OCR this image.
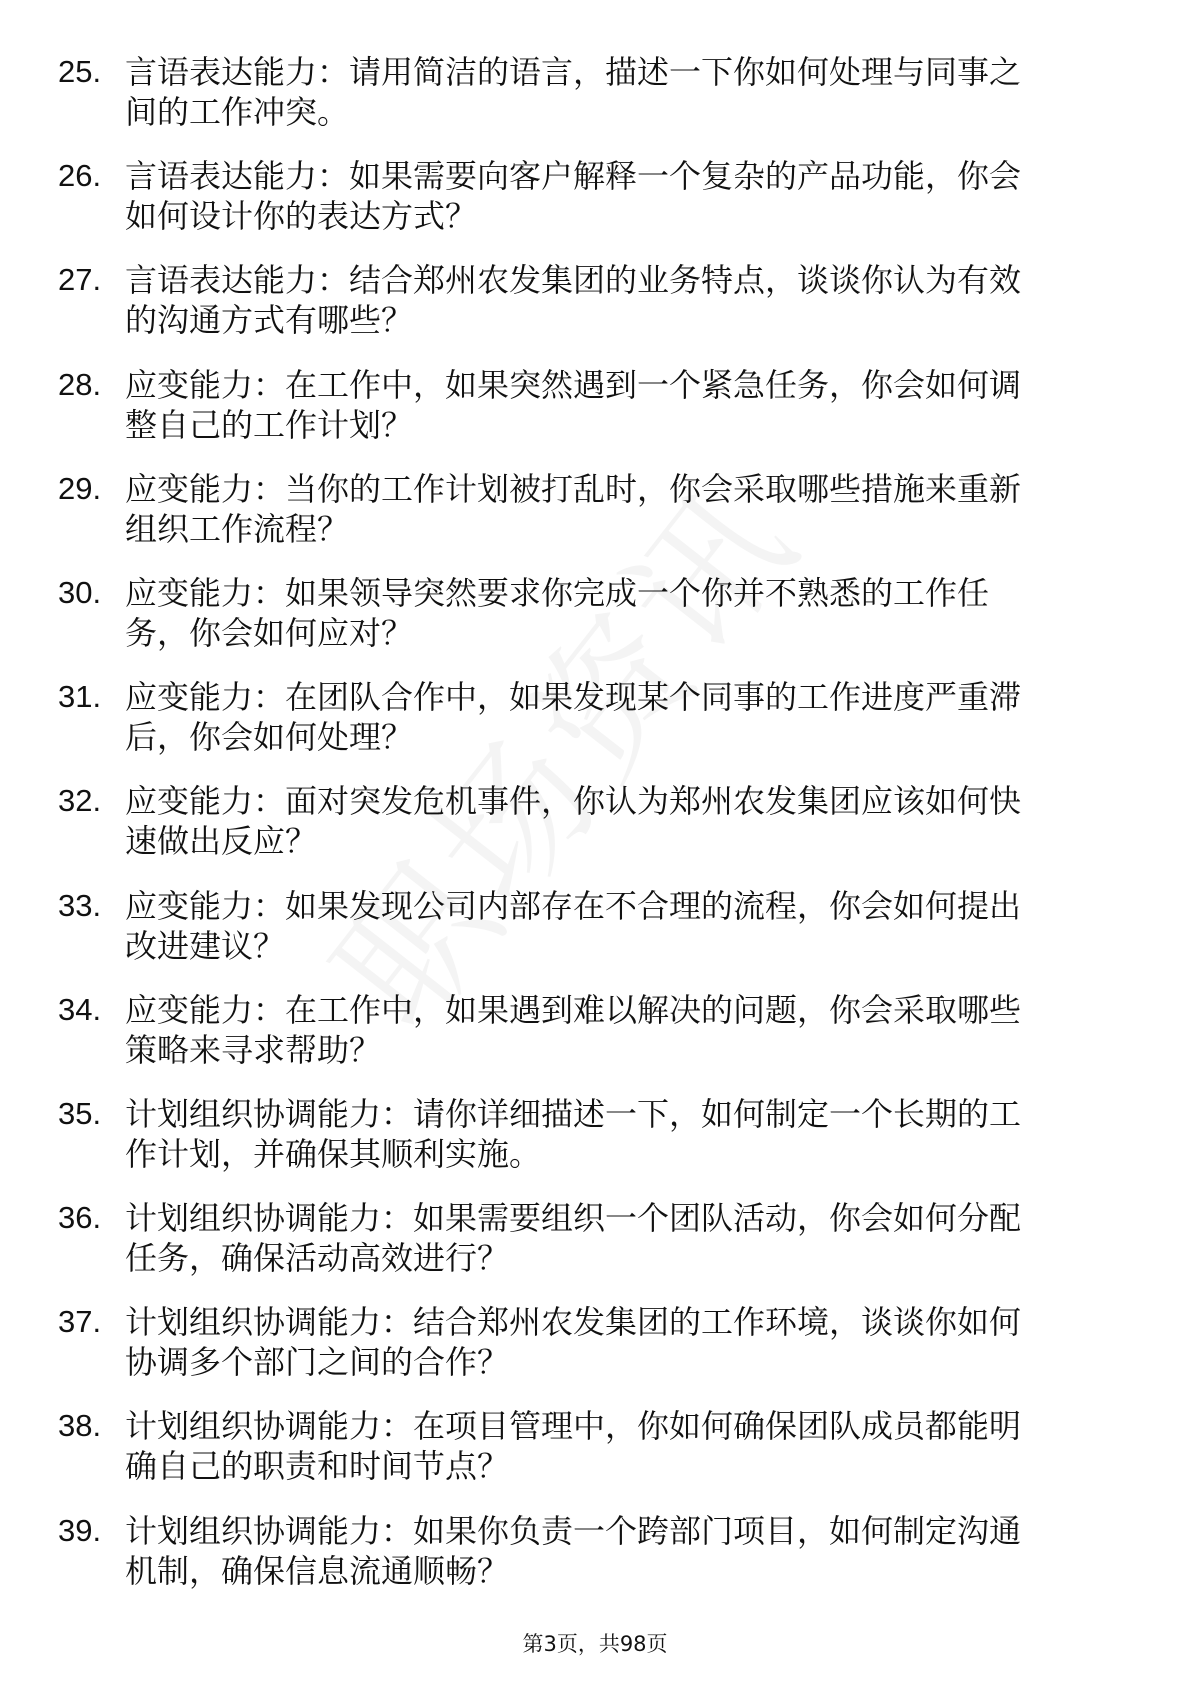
25. 言语表达能力：请用简洁的语言，描述一下你如何处理与同事之
间的工作冲突。
26. 言语表达能力：如果需要向客户解释一个复杂的产品功能，你会
如何设计你的表达方式？
27. 言语表达能力：结合郑州农发集团的业务特点，谈谈你认为有效
的沟通方式有哪些？
28. 应变能力：在工作中，如果突然遇到一个紧急任务，你会如何调
整自己的工作计划？
29. 应变能力：当你的工作计划被打乱时，你会采取哪些措施来重新
组织工作流程？
30. 应变能力：如果领导突然要求你完成一个你并不熟悉的工作任
务，你会如何应对？
31. 应变能力：在团队合作中，如果发现某个同事的工作进度严重滞
后，你会如何处理？
32. 应变能力：面对突发危机事件，你认为郑州农发集团应该如何快
速做出反应？
33. 应变能力：如果发现公司内部存在不合理的流程，你会如何提出
改进建议？
34. 应变能力：在工作中，如果遇到难以解决的问题，你会采取哪些
策略来寻求帮助？
35. 计划组织协调能力：请你详细描述一下，如何制定一个长期的工
作计划，并确保其顺利实施。
36. 计划组织协调能力：如果需要组织一个团队活动，你会如何分配
任务，确保活动高效进行？
37. 计划组织协调能力：结合郑州农发集团的工作环境，谈谈你如何
协调多个部门之间的合作？
38. 计划组织协调能力：在项目管理中，你如何确保团队成员都能明
确自己的职责和时间节点？
39. 计划组织协调能力：如果你负责一个跨部门项目，如何制定沟通
机制，确保信息流通顺畅？
第3页，共98页
